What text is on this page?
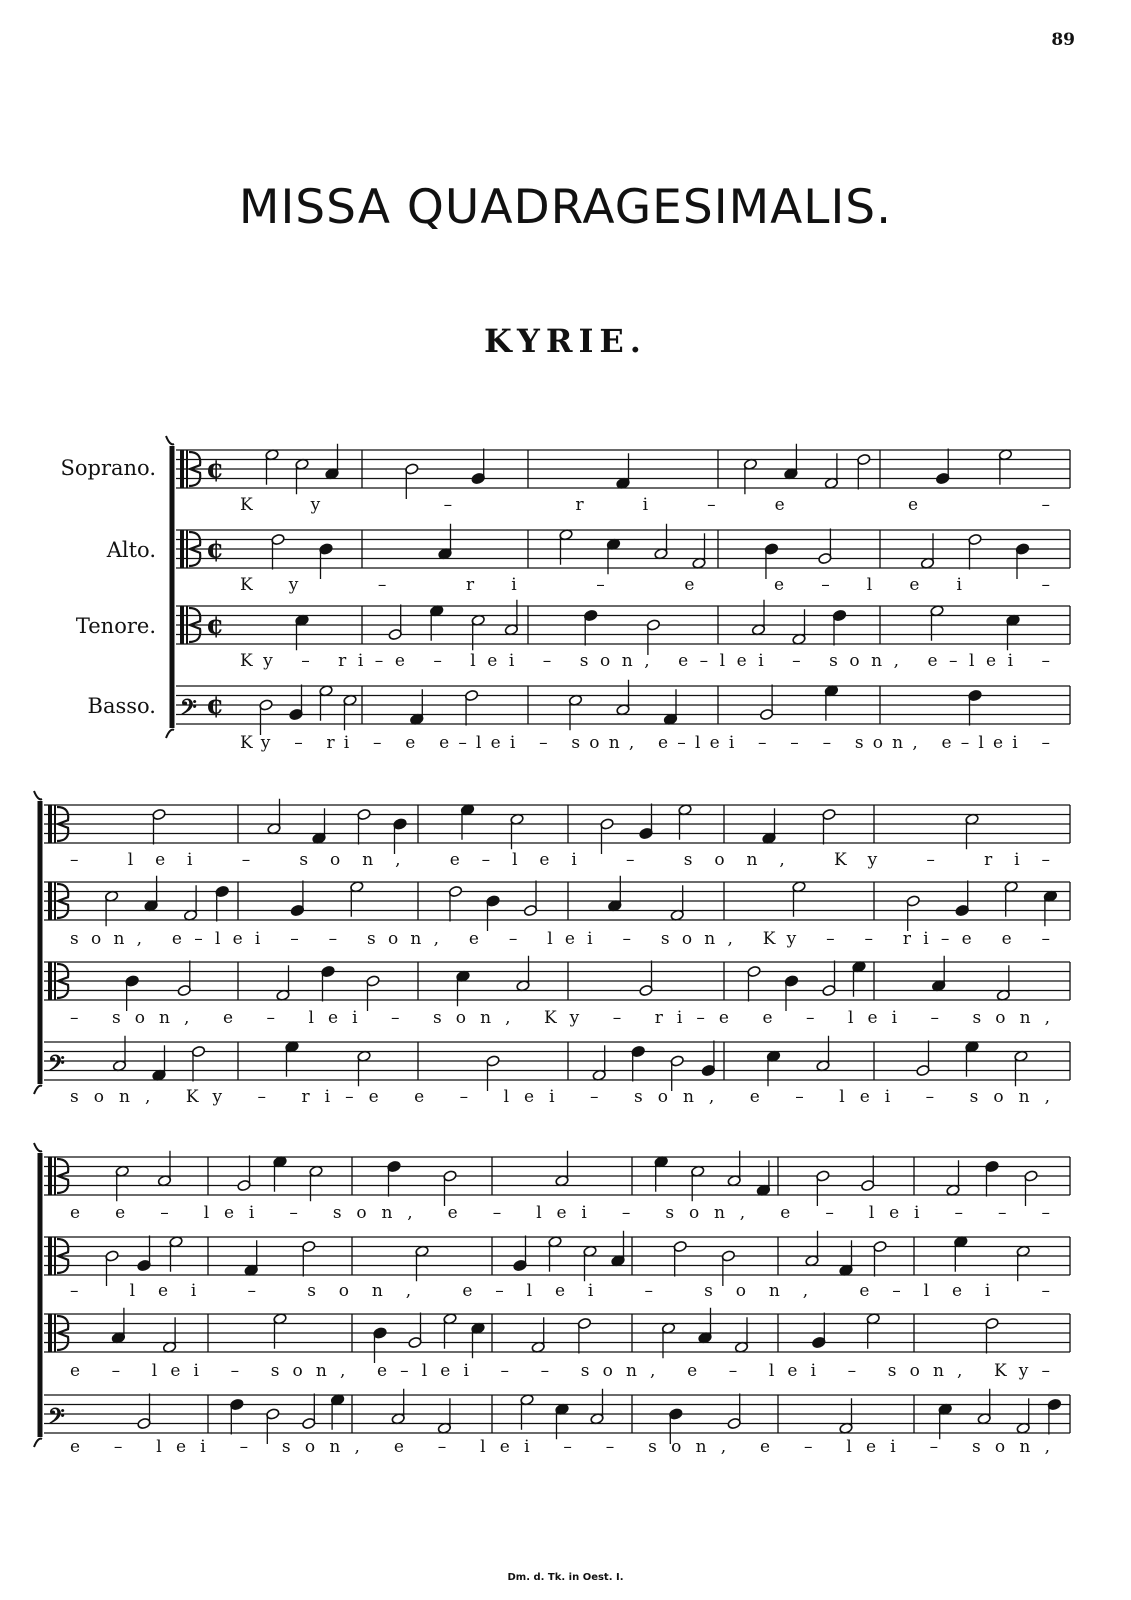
89
MISSA QUADRAGESIMALIS.
KYRIE.
Soprano.
Alto.
Tenore.
Basso.
¢
¢
¢
𝄢 ¢
Ky – ri–e e –
Ky – ri – e e–lei –
Ky – ri–e – lei – son, e–lei – son, e–lei –
Ky – ri – e e–lei – son, e–lei – – – son, e–lei –
𝄢
– lei – son, e–lei – son, Ky – ri–
son, e–lei – – son, e – lei – son, Ky – – ri–e e –
– son, e – lei – son, Ky – ri–e e – lei – son,
son, Ky – ri–e e – lei – son, e – lei – son,
𝄢
e e – lei – son, e – lei – son, e – lei – – –
– lei – son, e–lei – son, e–lei –
e – lei – son, e–lei – – son, e – lei – son, Ky–
e – lei – son, e – lei – – son, e – lei – son,
Dm. d. Tk. in Oest. I.
